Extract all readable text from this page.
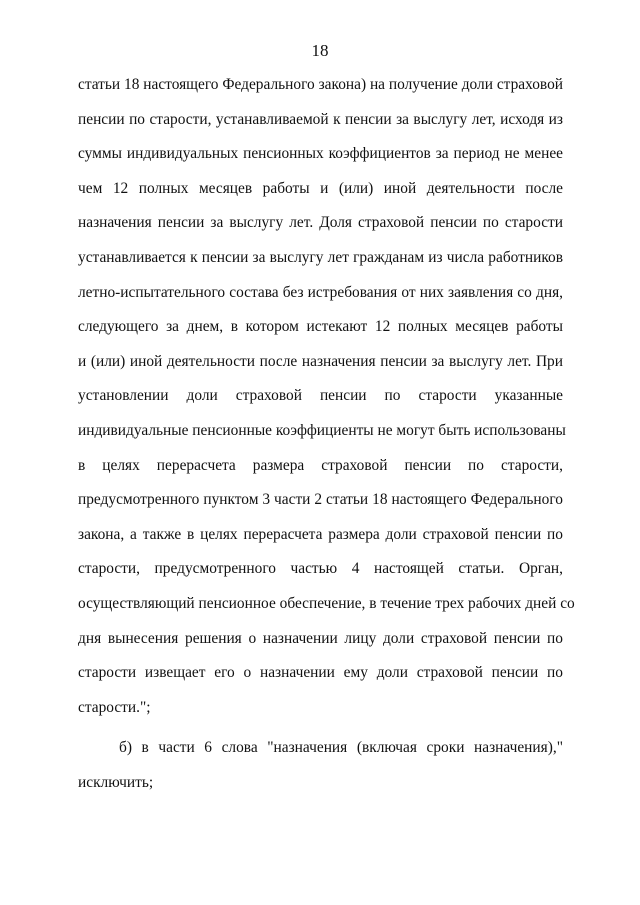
18
статьи 18 настоящего Федерального закона) на получение доли страховой
пенсии по старости, устанавливаемой к пенсии за выслугу лет, исходя из
суммы индивидуальных пенсионных коэффициентов за период не менее
чем 12 полных месяцев работы и (или) иной деятельности после
назначения пенсии за выслугу лет. Доля страховой пенсии по старости
устанавливается к пенсии за выслугу лет гражданам из числа работников
летно-испытательного состава без истребования от них заявления со дня,
следующего за днем, в котором истекают 12 полных месяцев работы
и (или) иной деятельности после назначения пенсии за выслугу лет. При
установлении доли страховой пенсии по старости указанные
индивидуальные пенсионные коэффициенты не могут быть использованы
в целях перерасчета размера страховой пенсии по старости,
предусмотренного пунктом 3 части 2 статьи 18 настоящего Федерального
закона, а также в целях перерасчета размера доли страховой пенсии по
старости, предусмотренного частью 4 настоящей статьи. Орган,
осуществляющий пенсионное обеспечение, в течение трех рабочих дней со
дня вынесения решения о назначении лицу доли страховой пенсии по
старости извещает его о назначении ему доли страховой пенсии по
старости.";
б) в части 6 слова "назначения (включая сроки назначения),"
исключить;
